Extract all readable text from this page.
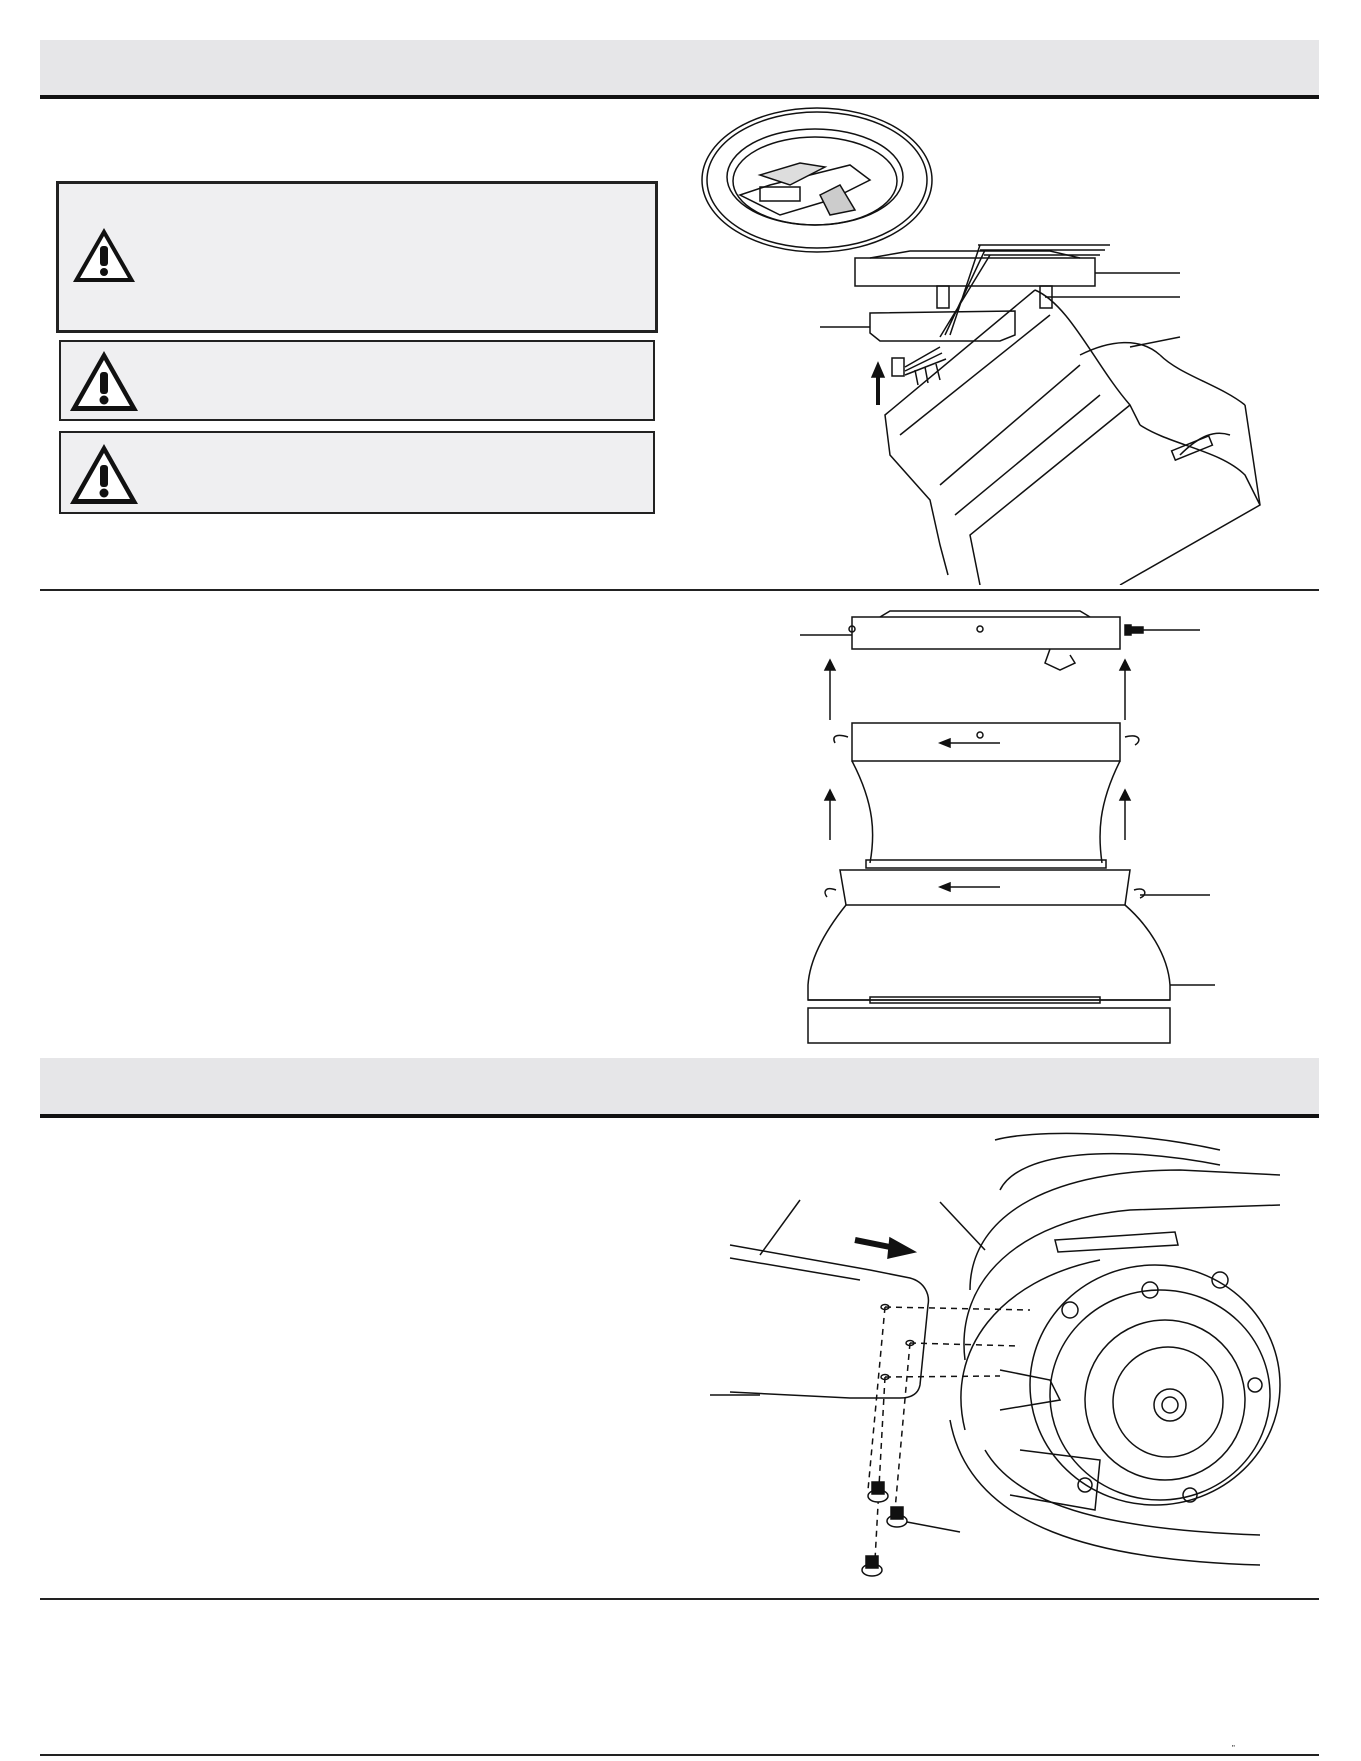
"
